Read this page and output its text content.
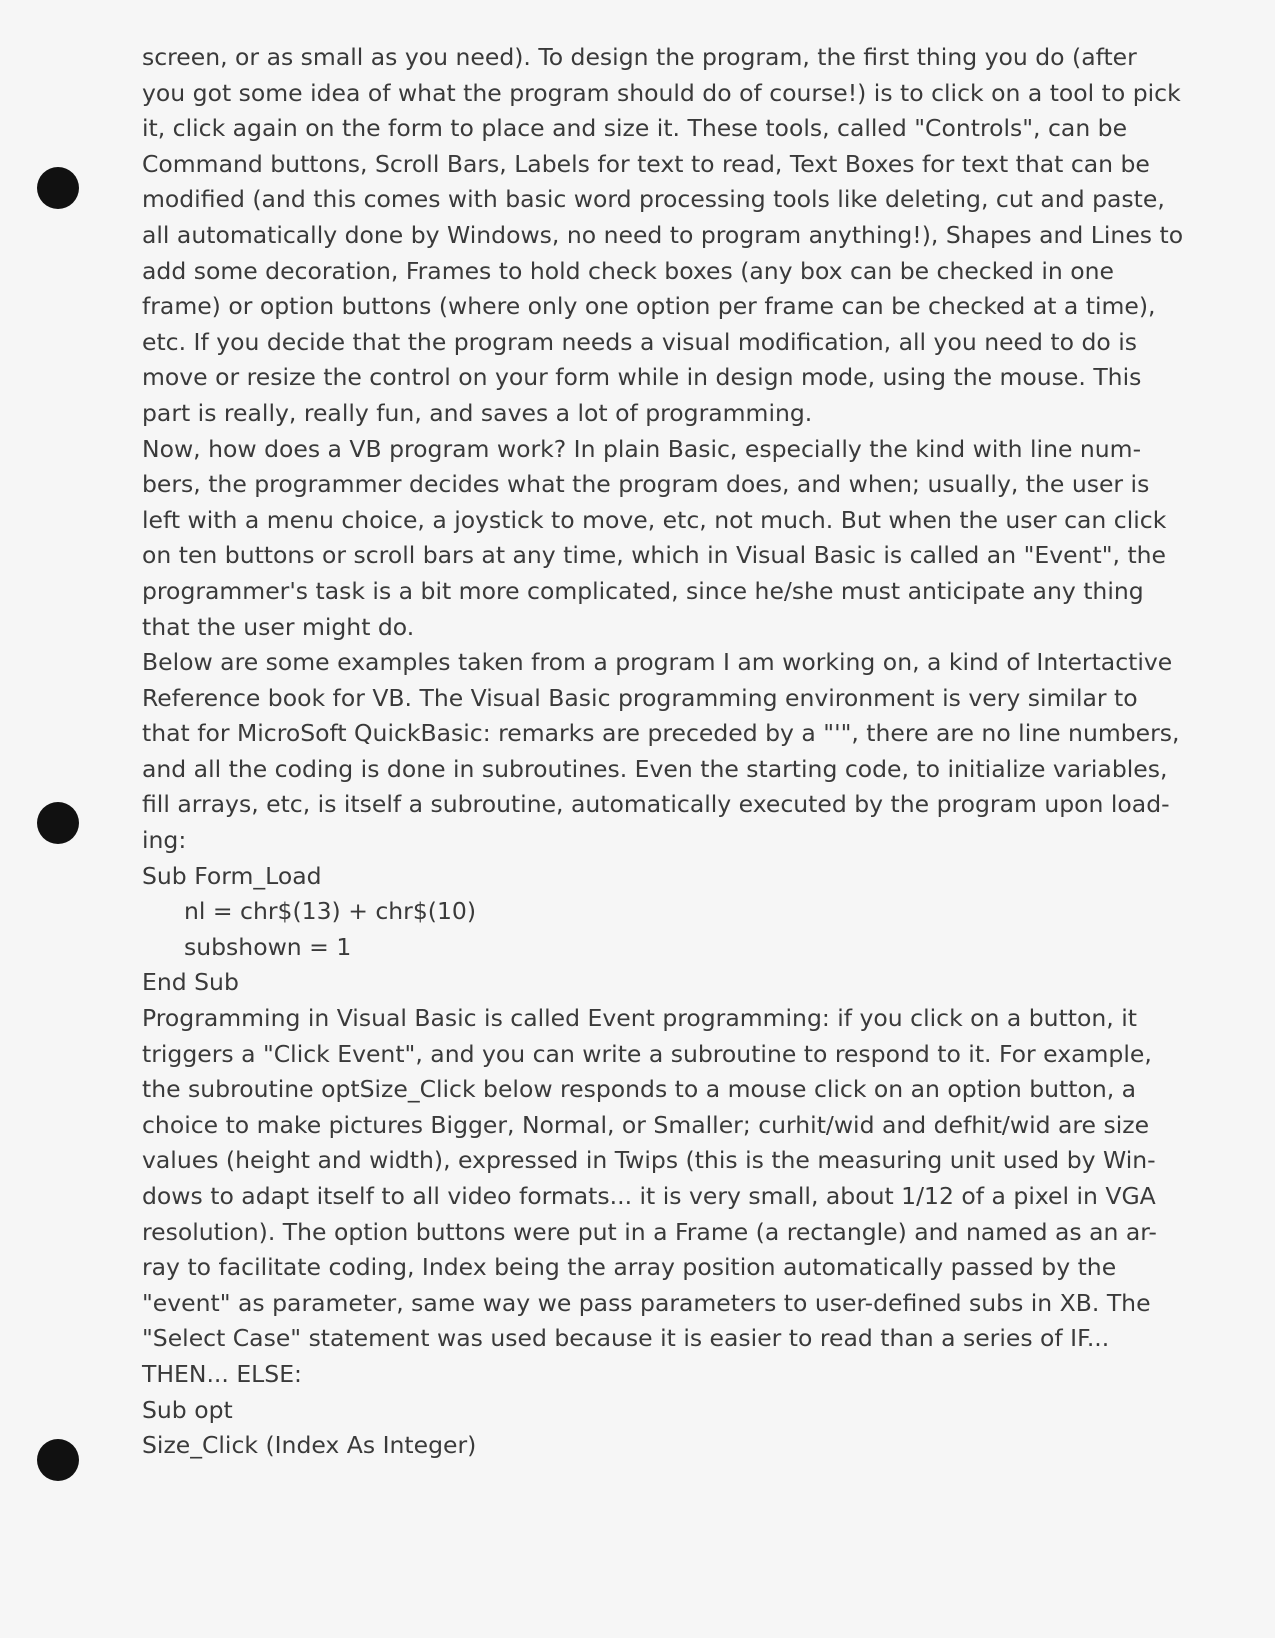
screen, or as small as you need). To design the program, the first thing you do (after
you got some idea of what the program should do of course!) is to click on a tool to pick
it, click again on the form to place and size it. These tools, called "Controls", can be
Command buttons, Scroll Bars, Labels for text to read, Text Boxes for text that can be
modified (and this comes with basic word processing tools like deleting, cut and paste,
all automatically done by Windows, no need to program anything!), Shapes and Lines to
add some decoration, Frames to hold check boxes (any box can be checked in one
frame) or option buttons (where only one option per frame can be checked at a time),
etc. If you decide that the program needs a visual modification, all you need to do is
move or resize the control on your form while in design mode, using the mouse. This
part is really, really fun, and saves a lot of programming.
Now, how does a VB program work? In plain Basic, especially the kind with line num-
bers, the programmer decides what the program does, and when; usually, the user is
left with a menu choice, a joystick to move, etc, not much. But when the user can click
on ten buttons or scroll bars at any time, which in Visual Basic is called an "Event", the
programmer's task is a bit more complicated, since he/she must anticipate any thing
that the user might do.
Below are some examples taken from a program I am working on, a kind of Intertactive
Reference book for VB. The Visual Basic programming environment is very similar to
that for MicroSoft QuickBasic: remarks are preceded by a "'", there are no line numbers,
and all the coding is done in subroutines. Even the starting code, to initialize variables,
fill arrays, etc, is itself a subroutine, automatically executed by the program upon load-
ing:
Sub Form_Load
nl = chr$(13) + chr$(10)
subshown = 1
End Sub
Programming in Visual Basic is called Event programming: if you click on a button, it
triggers a "Click Event", and you can write a subroutine to respond to it. For example,
the subroutine optSize_Click below responds to a mouse click on an option button, a
choice to make pictures Bigger, Normal, or Smaller; curhit/wid and defhit/wid are size
values (height and width), expressed in Twips (this is the measuring unit used by Win-
dows to adapt itself to all video formats... it is very small, about 1/12 of a pixel in VGA
resolution). The option buttons were put in a Frame (a rectangle) and named as an ar-
ray to facilitate coding, Index being the array position automatically passed by the
"event" as parameter, same way we pass parameters to user-defined subs in XB. The
"Select Case" statement was used because it is easier to read than a series of IF...
THEN... ELSE:
Sub opt
Size_Click (Index As Integer)
